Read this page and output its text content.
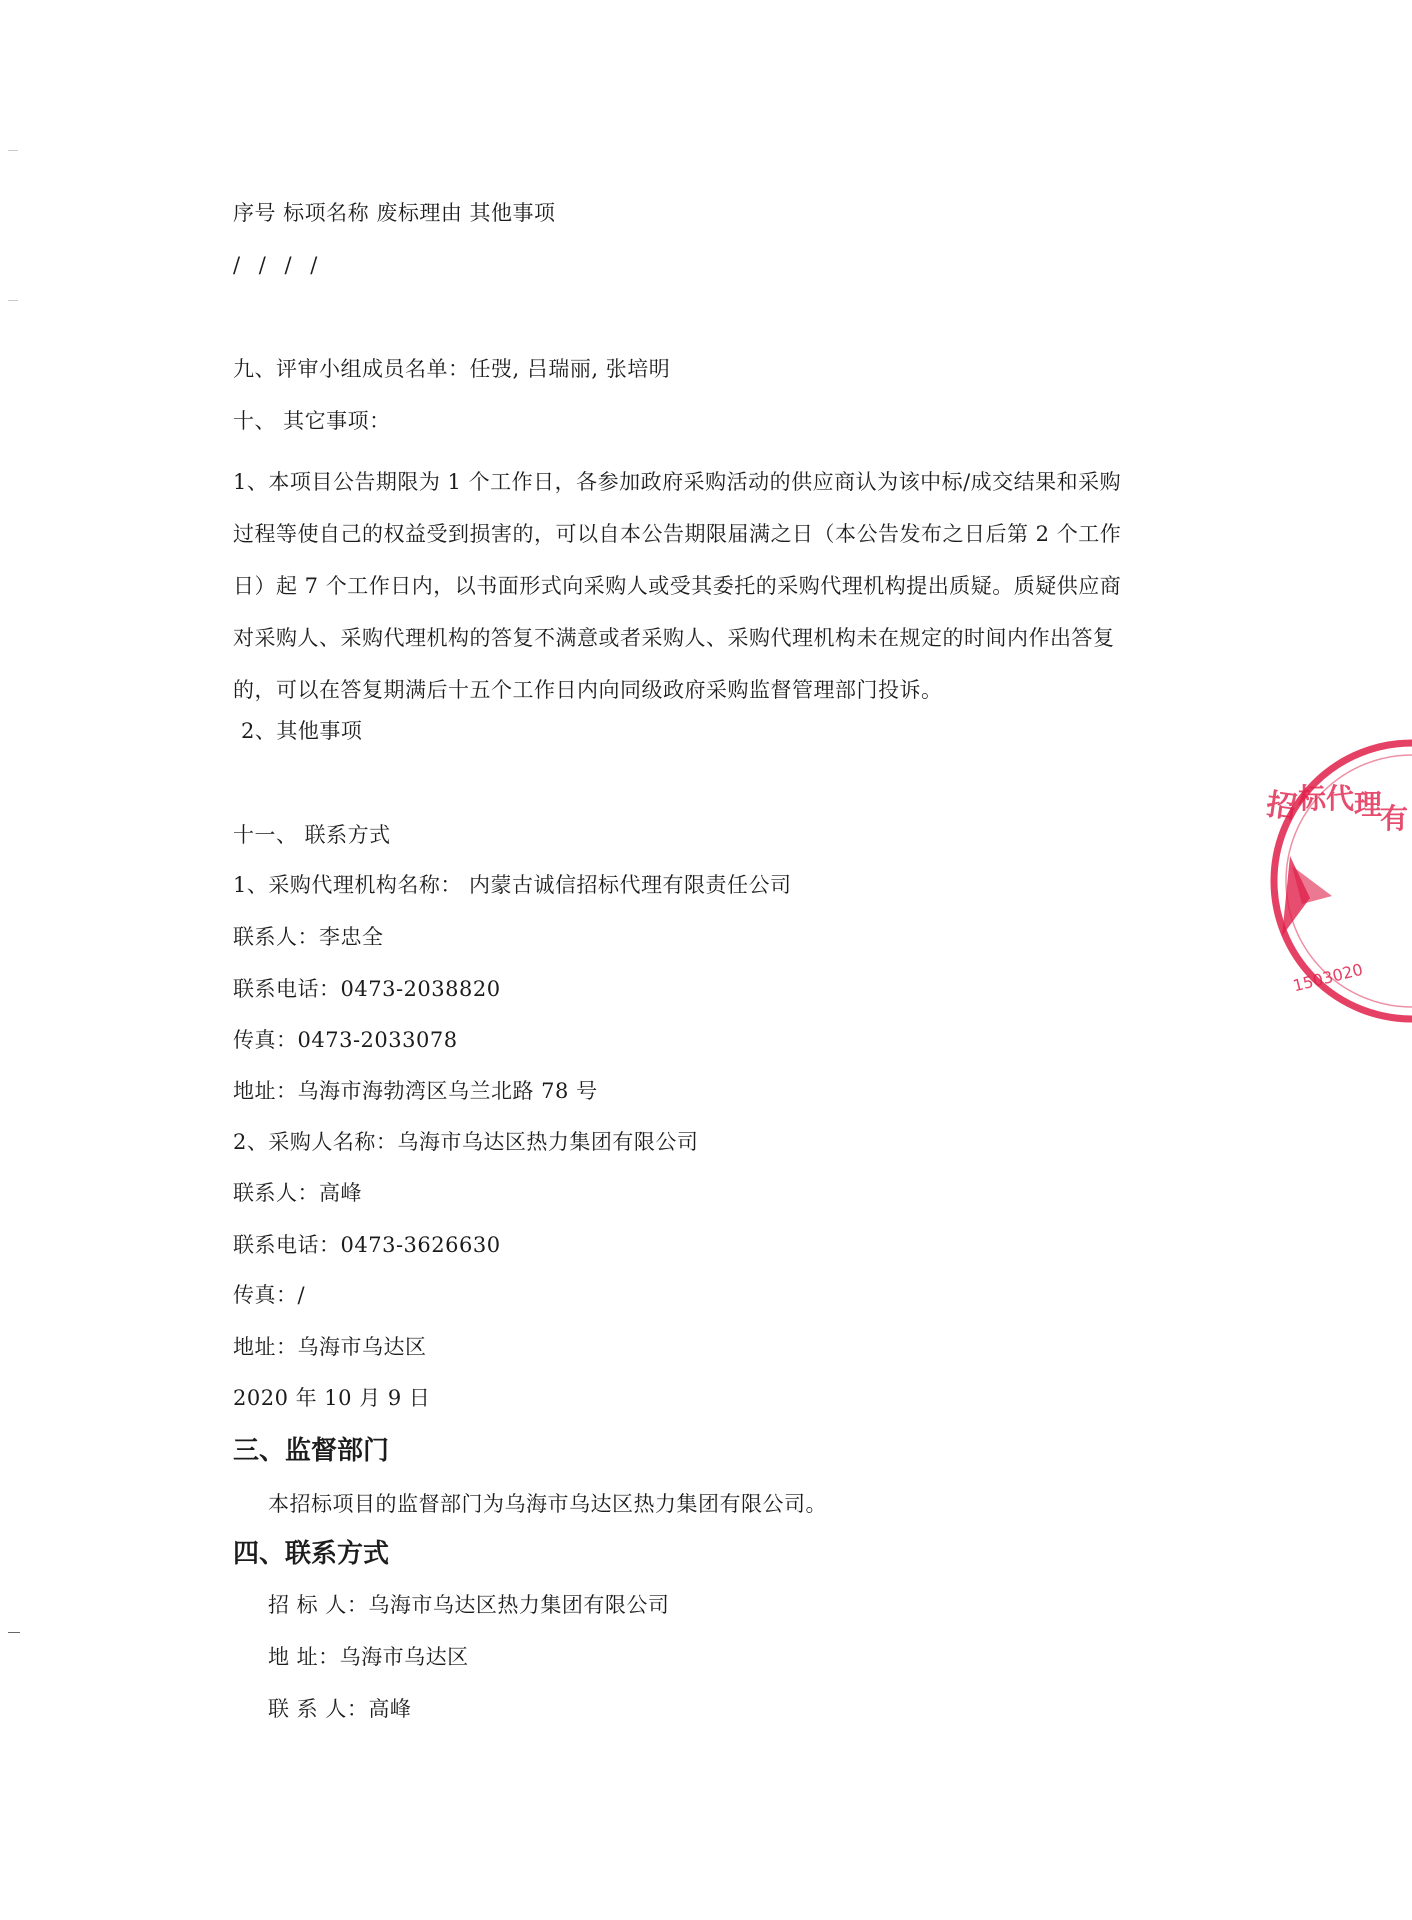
序号 标项名称 废标理由 其他事项
/ / / /
九、评审小组成员名单：任弢, 吕瑞丽, 张培明
十、 其它事项：
1、本项目公告期限为 1 个工作日，各参加政府采购活动的供应商认为该中标/成交结果和采购过程等使自己的权益受到损害的，可以自本公告期限届满之日（本公告发布之日后第 2 个工作日）起 7 个工作日内，以书面形式向采购人或受其委托的采购代理机构提出质疑。质疑供应商对采购人、采购代理机构的答复不满意或者采购人、采购代理机构未在规定的时间内作出答复的，可以在答复期满后十五个工作日内向同级政府采购监督管理部门投诉。
2、其他事项
十一、 联系方式
1、采购代理机构名称： 内蒙古诚信招标代理有限责任公司
联系人：李忠全
联系电话：0473-2038820
传真：0473-2033078
地址：乌海市海勃湾区乌兰北路 78 号
2、采购人名称：乌海市乌达区热力集团有限公司
联系人：高峰
联系电话：0473-3626630
传真：/
地址：乌海市乌达区
2020 年 10 月 9 日
三、监督部门
本招标项目的监督部门为乌海市乌达区热力集团有限公司。
四、联系方式
招 标 人：乌海市乌达区热力集团有限公司
地 址：乌海市乌达区
联 系 人：高峰
招 标 代 理 有
1503020
